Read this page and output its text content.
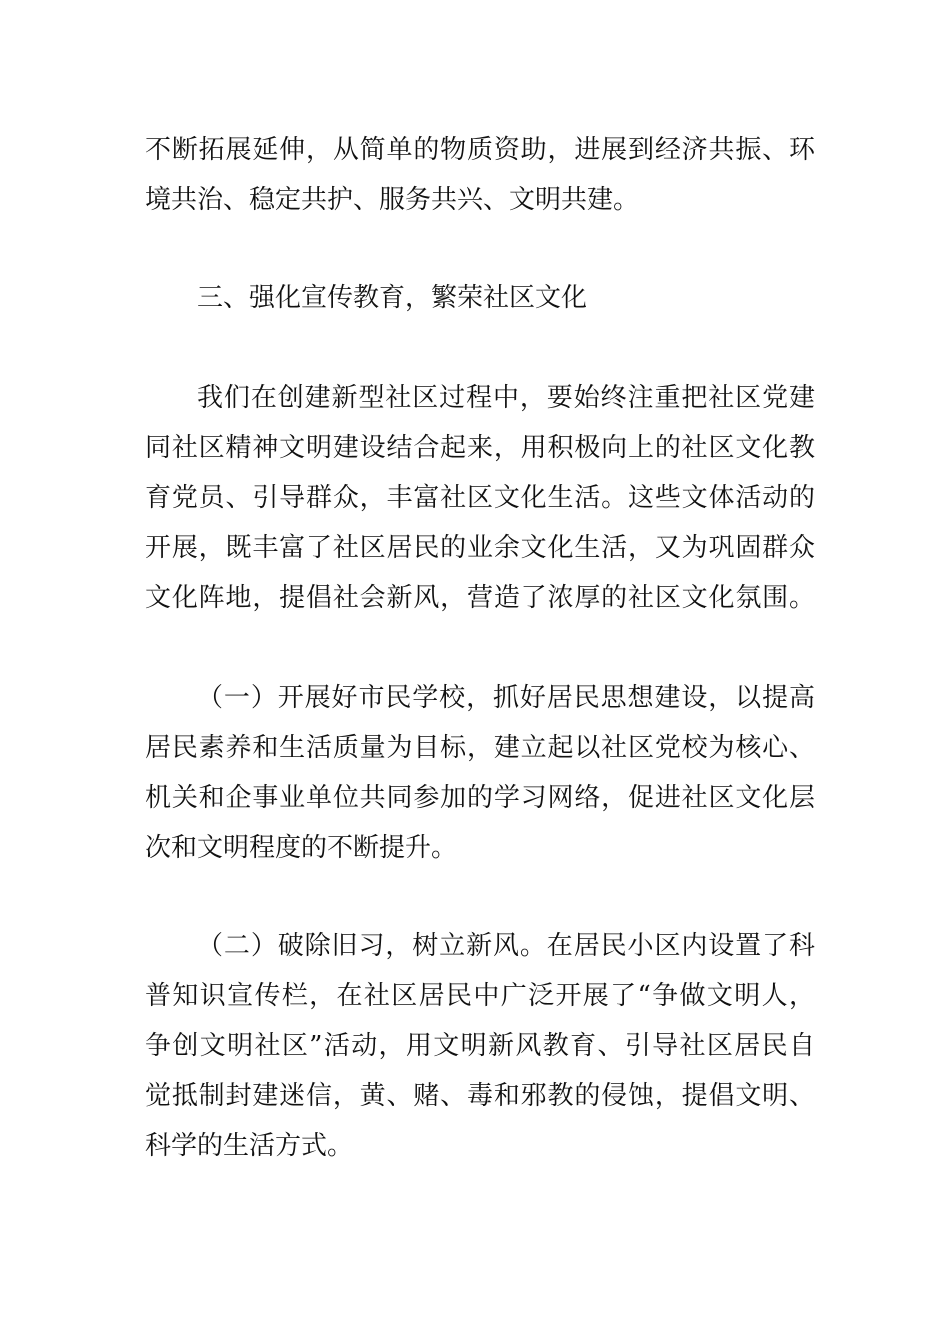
不断拓展延伸，从简单的物质资助，进展到经济共振、环
境共治、稳定共护、服务共兴、文明共建。
三、强化宣传教育，繁荣社区文化
我们在创建新型社区过程中，要始终注重把社区党建
同社区精神文明建设结合起来，用积极向上的社区文化教
育党员、引导群众，丰富社区文化生活。这些文体活动的
开展，既丰富了社区居民的业余文化生活，又为巩固群众
文化阵地，提倡社会新风，营造了浓厚的社区文化氛围。
（一）开展好市民学校，抓好居民思想建设，以提高
居民素养和生活质量为目标，建立起以社区党校为核心、
机关和企事业单位共同参加的学习网络，促进社区文化层
次和文明程度的不断提升。
（二）破除旧习，树立新风。在居民小区内设置了科
普知识宣传栏，在社区居民中广泛开展了“争做文明人，
争创文明社区”活动，用文明新风教育、引导社区居民自
觉抵制封建迷信，黄、赌、毒和邪教的侵蚀，提倡文明、
科学的生活方式。
